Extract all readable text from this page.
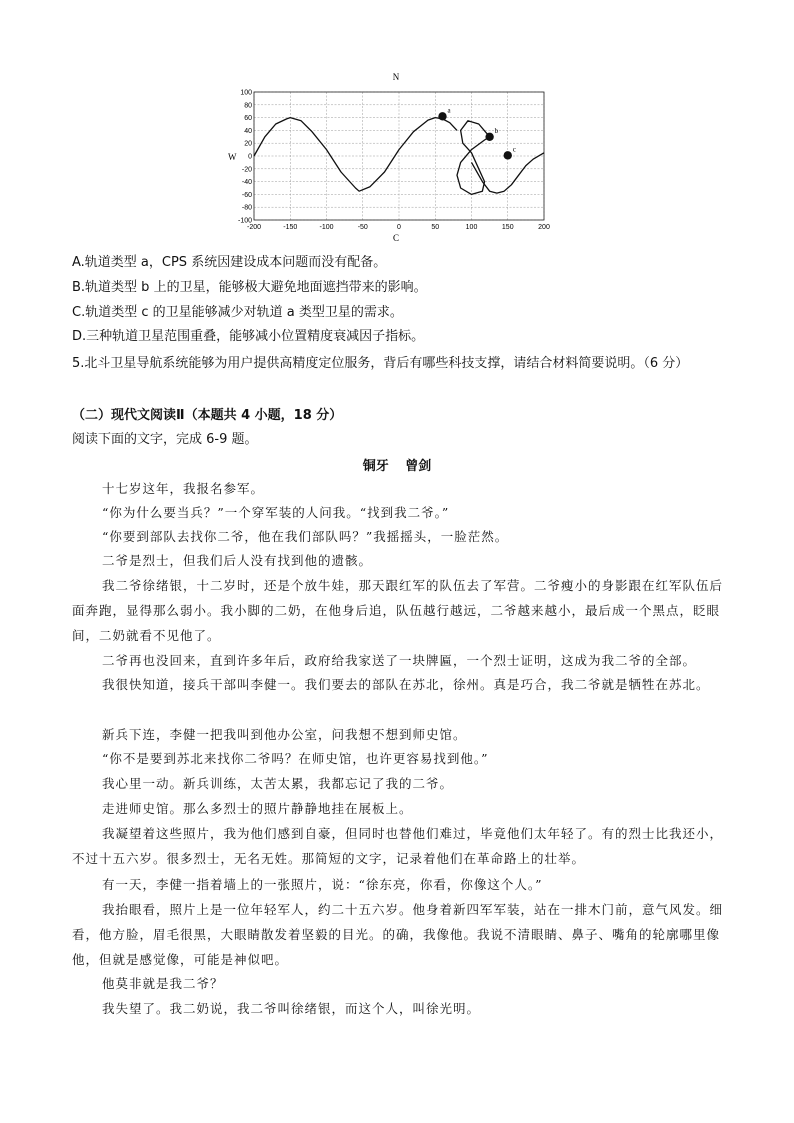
100
80
60
40
20
0
-20
-40
-60
-80
-100
-200	-150	-100	-50	0	50	100	150	200
a
b
c
N
W
C
A.轨道类型 a，CPS 系统因建设成本问题而没有配备。
B.轨道类型 b 上的卫星，能够极大避免地面遮挡带来的影响。
C.轨道类型 c 的卫星能够减少对轨道 a 类型卫星的需求。
D.三种轨道卫星范围重叠，能够减小位置精度衰减因子指标。
5.北斗卫星导航系统能够为用户提供高精度定位服务，背后有哪些科技支撑，请结合材料简要说明。（6 分）
（二）现代文阅读Ⅱ（本题共 4 小题，18 分）
阅读下面的文字，完成 6-9 题。
铜牙 曾剑
十七岁这年，我报名参军。
“你为什么要当兵？”一个穿军装的人问我。“找到我二爷。”
“你要到部队去找你二爷，他在我们部队吗？”我摇摇头，一脸茫然。
二爷是烈士，但我们后人没有找到他的遗骸。
我二爷徐绪银，十二岁时，还是个放牛娃，那天跟红军的队伍去了军营。二爷瘦小的身影跟在红军队伍后面奔跑，显得那么弱小。我小脚的二奶，在他身后追，队伍越行越远，二爷越来越小，最后成一个黑点，眨眼间，二奶就看不见他了。
二爷再也没回来，直到许多年后，政府给我家送了一块牌匾，一个烈士证明，这成为我二爷的全部。
我很快知道，接兵干部叫李健一。我们要去的部队在苏北，徐州。真是巧合，我二爷就是牺牲在苏北。
新兵下连，李健一把我叫到他办公室，问我想不想到师史馆。
“你不是要到苏北来找你二爷吗？在师史馆，也许更容易找到他。”
我心里一动。新兵训练，太苦太累，我都忘记了我的二爷。
走进师史馆。那么多烈士的照片静静地挂在展板上。
我凝望着这些照片，我为他们感到自豪，但同时也替他们难过，毕竟他们太年轻了。有的烈士比我还小，不过十五六岁。很多烈士，无名无姓。那简短的文字，记录着他们在革命路上的壮举。
有一天，李健一指着墙上的一张照片，说：“徐东亮，你看，你像这个人。”
我抬眼看，照片上是一位年轻军人，约二十五六岁。他身着新四军军装，站在一排木门前，意气风发。细看，他方脸，眉毛很黑，大眼睛散发着坚毅的目光。的确，我像他。我说不清眼睛、鼻子、嘴角的轮廓哪里像他，但就是感觉像，可能是神似吧。
他莫非就是我二爷？
我失望了。我二奶说，我二爷叫徐绪银，而这个人，叫徐光明。
